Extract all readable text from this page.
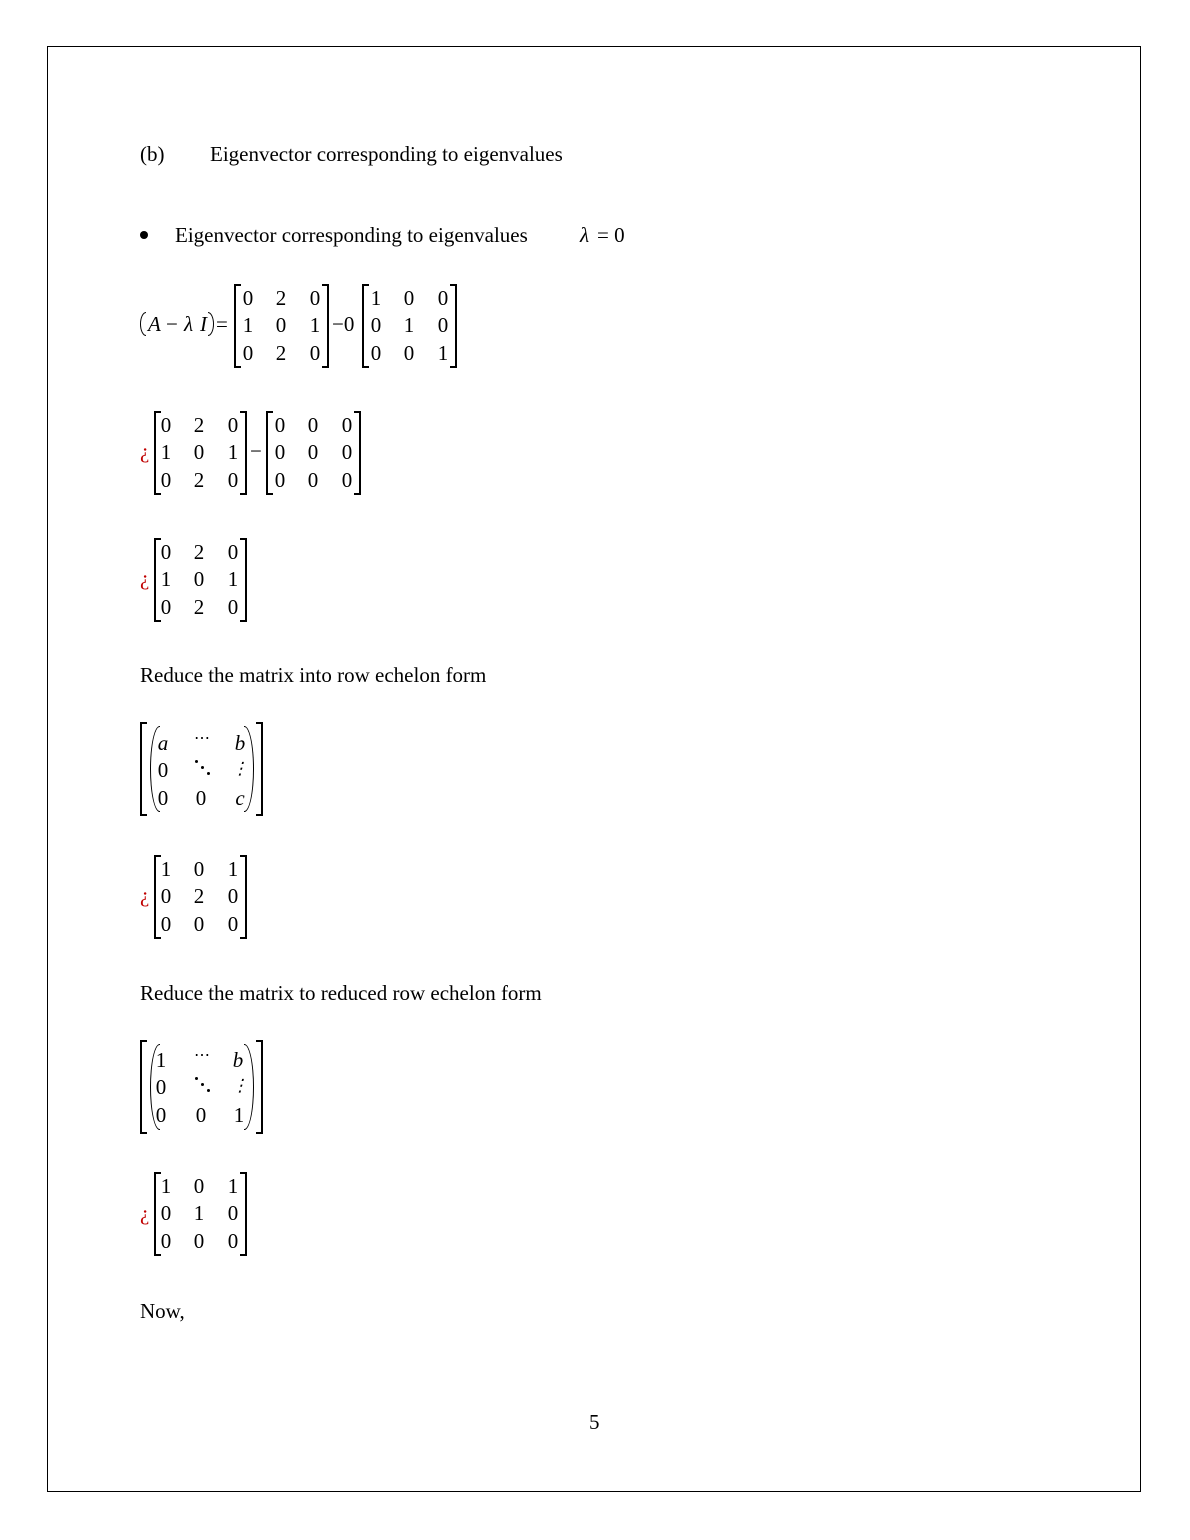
(b) Eigenvector corresponding to eigenvalues
Eigenvector corresponding to eigenvalues λ = 0
A − λ I =
0 2 0
1 0 1
0 2 0
−0
1 0 0
0 1 0
0 0 1
¿
0 2 0
1 0 1
0 2 0
−
0 0 0
0 0 0
0 0 0
¿
0 2 0
1 0 1
0 2 0
Reduce the matrix into row echelon form
a ⋯ b
0	⋮
0 0 c
¿
1 0 1
0 2 0
0 0 0
Reduce the matrix to reduced row echelon form
1 ⋯ b
0	⋮
0 0 1
¿
1 0 1
0 1 0
0 0 0
Now,
5
